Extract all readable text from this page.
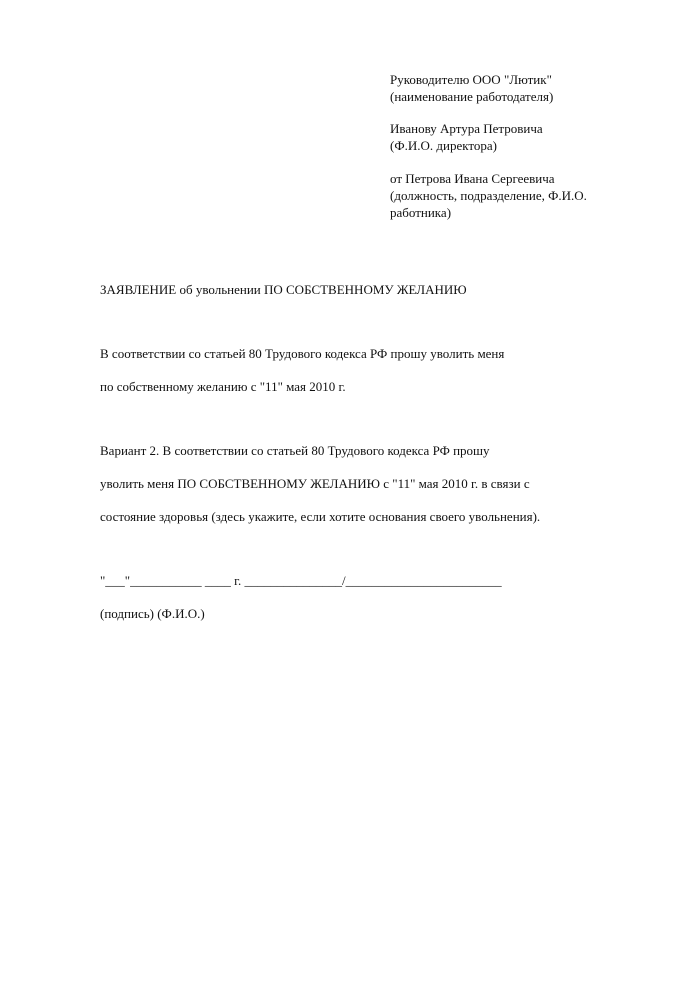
Руководителю ООО "Лютик"
(наименование работодателя)
Иванову Артура Петровича
(Ф.И.О. директора)
от Петрова Ивана Сергеевича
(должность, подразделение, Ф.И.О.
работника)
ЗАЯВЛЕНИЕ об увольнении ПО СОБСТВЕННОМУ ЖЕЛАНИЮ
В соответствии со статьей 80 Трудового кодекса РФ прошу уволить меня
по собственному желанию с "11" мая 2010 г.
Вариант 2. В соответствии со статьей 80 Трудового кодекса РФ прошу
уволить меня ПО СОБСТВЕННОМУ ЖЕЛАНИЮ с "11" мая 2010 г. в связи с
состояние здоровья (здесь укажите, если хотите основания своего увольнения).
"___"___________ ____ г. _______________/________________________
(подпись) (Ф.И.О.)
